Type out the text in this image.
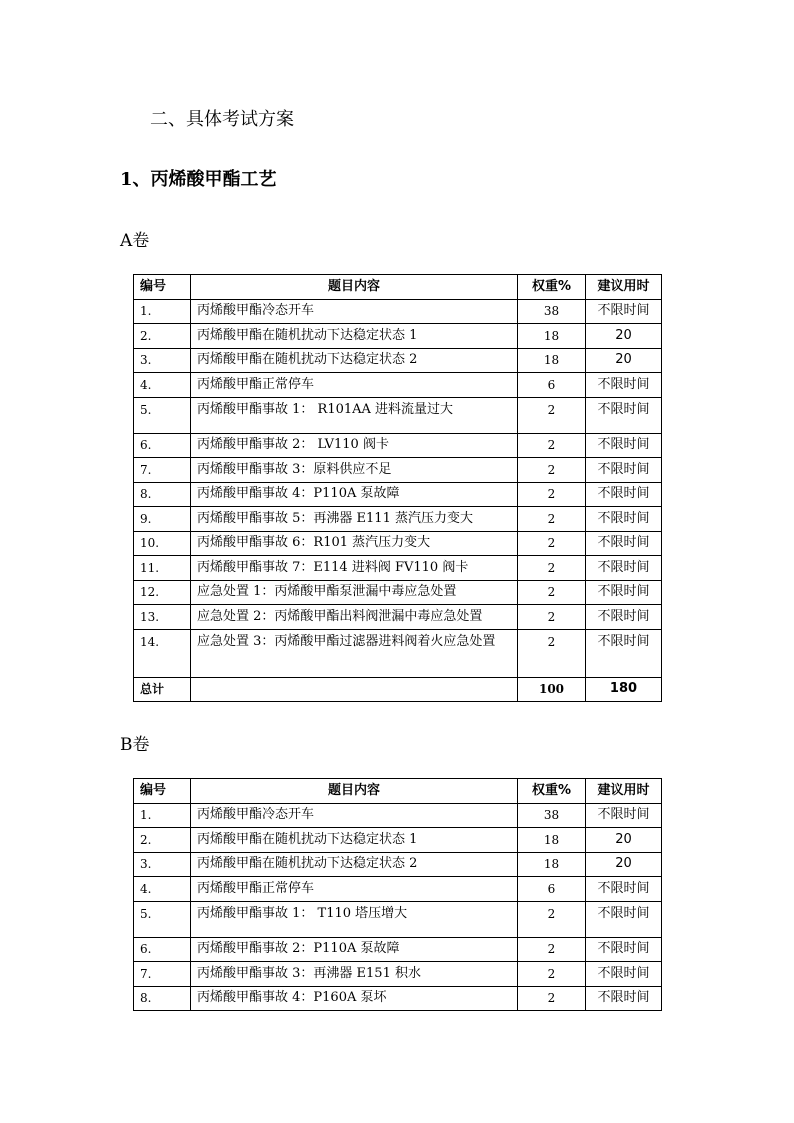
二、具体考试方案
1、丙烯酸甲酯工艺
A卷
编号	题目内容	权重%	建议用时
1.	丙烯酸甲酯冷态开车	38	不限时间
2.	丙烯酸甲酯在随机扰动下达稳定状态 1	18	20
3.	丙烯酸甲酯在随机扰动下达稳定状态 2	18	20
4.	丙烯酸甲酯正常停车	6	不限时间
5.	丙烯酸甲酯事故 1： R101AA 进料流量过大	2	不限时间
6.	丙烯酸甲酯事故 2： LV110 阀卡	2	不限时间
7.	丙烯酸甲酯事故 3：原料供应不足	2	不限时间
8.	丙烯酸甲酯事故 4：P110A 泵故障	2	不限时间
9.	丙烯酸甲酯事故 5：再沸器 E111 蒸汽压力变大	2	不限时间
10.	丙烯酸甲酯事故 6：R101 蒸汽压力变大	2	不限时间
11.	丙烯酸甲酯事故 7：E114 进料阀 FV110 阀卡	2	不限时间
12.	应急处置 1：丙烯酸甲酯泵泄漏中毒应急处置	2	不限时间
13.	应急处置 2：丙烯酸甲酯出料阀泄漏中毒应急处置	2	不限时间
14.	应急处置 3：丙烯酸甲酯过滤器进料阀着火应急处置	2	不限时间
总计		100	180
B卷
编号	题目内容	权重%	建议用时
1.	丙烯酸甲酯冷态开车	38	不限时间
2.	丙烯酸甲酯在随机扰动下达稳定状态 1	18	20
3.	丙烯酸甲酯在随机扰动下达稳定状态 2	18	20
4.	丙烯酸甲酯正常停车	6	不限时间
5.	丙烯酸甲酯事故 1： T110 塔压增大	2	不限时间
6.	丙烯酸甲酯事故 2：P110A 泵故障	2	不限时间
7.	丙烯酸甲酯事故 3：再沸器 E151 积水	2	不限时间
8.	丙烯酸甲酯事故 4：P160A 泵坏	2	不限时间
